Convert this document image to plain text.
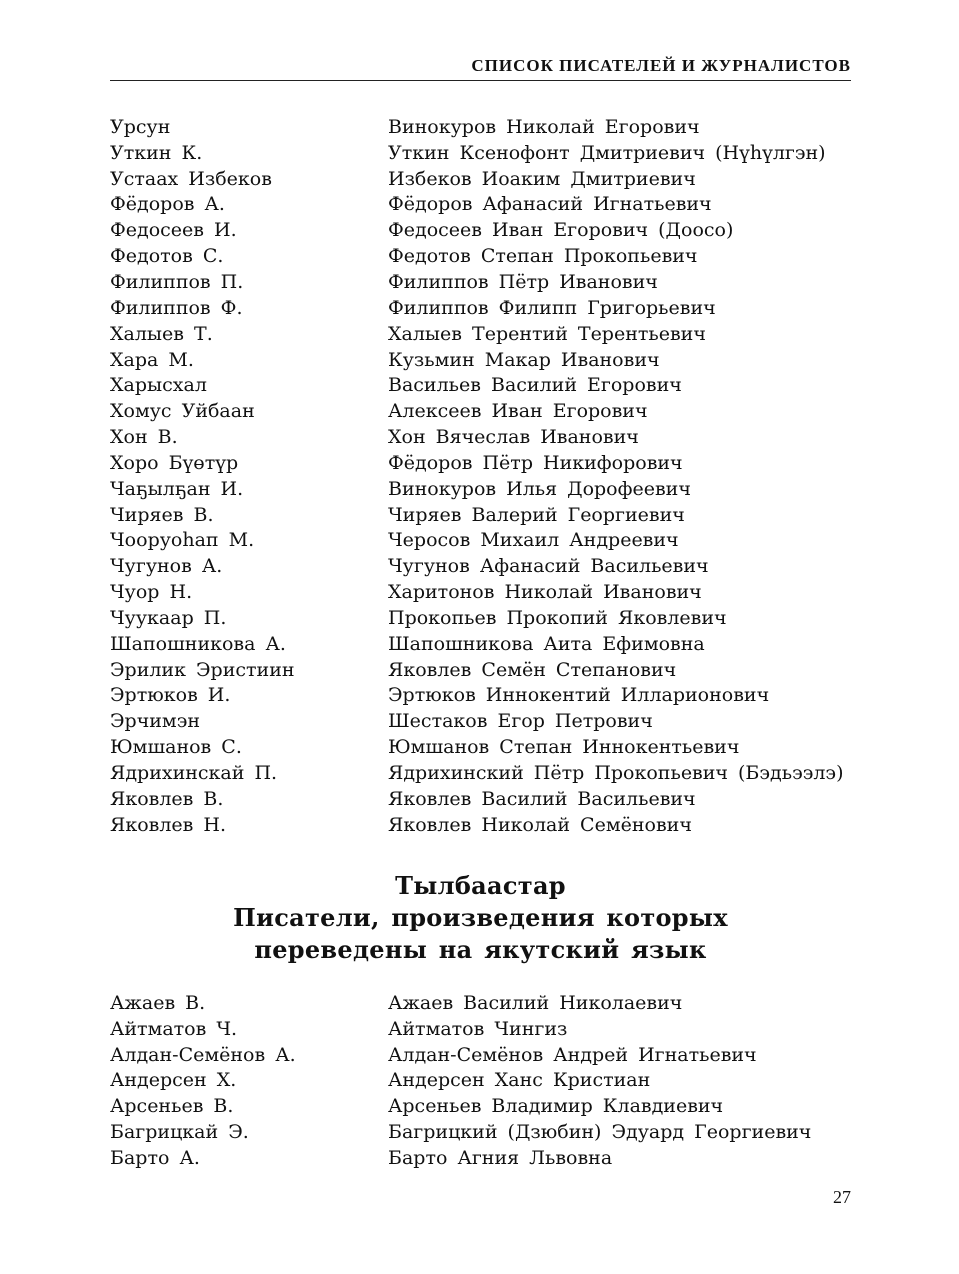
СПИСОК ПИСАТЕЛЕЙ И ЖУРНАЛИСТОВ
Урсун	Винокуров Николай Егорович
Уткин К.	Уткин Ксенофонт Дмитриевич (Нүһүлгэн)
Устаах Избеков	Избеков Иоаким Дмитриевич
Фёдоров А.	Фёдоров Афанасий Игнатьевич
Федосеев И.	Федосеев Иван Егорович (Доосо)
Федотов С.	Федотов Степан Прокопьевич
Филиппов П.	Филиппов Пётр Иванович
Филиппов Ф.	Филиппов Филипп Григорьевич
Халыев Т.	Халыев Терентий Терентьевич
Хара М.	Кузьмин Макар Иванович
Харысхал	Васильев Василий Егорович
Хомус Уйбаан	Алексеев Иван Егорович
Хон В.	Хон Вячеслав Иванович
Хоро Бүөтүр	Фёдоров Пётр Никифорович
Чаҕылҕан И.	Винокуров Илья Дорофеевич
Чиряев В.	Чиряев Валерий Георгиевич
Чооруоһап М.	Черосов Михаил Андреевич
Чугунов А.	Чугунов Афанасий Васильевич
Чуор Н.	Харитонов Николай Иванович
Чуукаар П.	Прокопьев Прокопий Яковлевич
Шапошникова А.	Шапошникова Аита Ефимовна
Эрилик Эристиин	Яковлев Семён Степанович
Эртюков И.	Эртюков Иннокентий Илларионович
Эрчимэн	Шестаков Егор Петрович
Юмшанов С.	Юмшанов Степан Иннокентьевич
Ядрихинскай П.	Ядрихинский Пётр Прокопьевич (Бэдьээлэ)
Яковлев В.	Яковлев Василий Васильевич
Яковлев Н.	Яковлев Николай Семёнович
Тылбаастар
Писатели, произведения которых
переведены на якутский язык
Ажаев В.	Ажаев Василий Николаевич
Айтматов Ч.	Айтматов Чингиз
Алдан-Семёнов А.	Алдан-Семёнов Андрей Игнатьевич
Андерсен Х.	Андерсен Ханс Кристиан
Арсеньев В.	Арсеньев Владимир Клавдиевич
Багрицкай Э.	Багрицкий (Дзюбин) Эдуард Георгиевич
Барто А.	Барто Агния Львовна
27
